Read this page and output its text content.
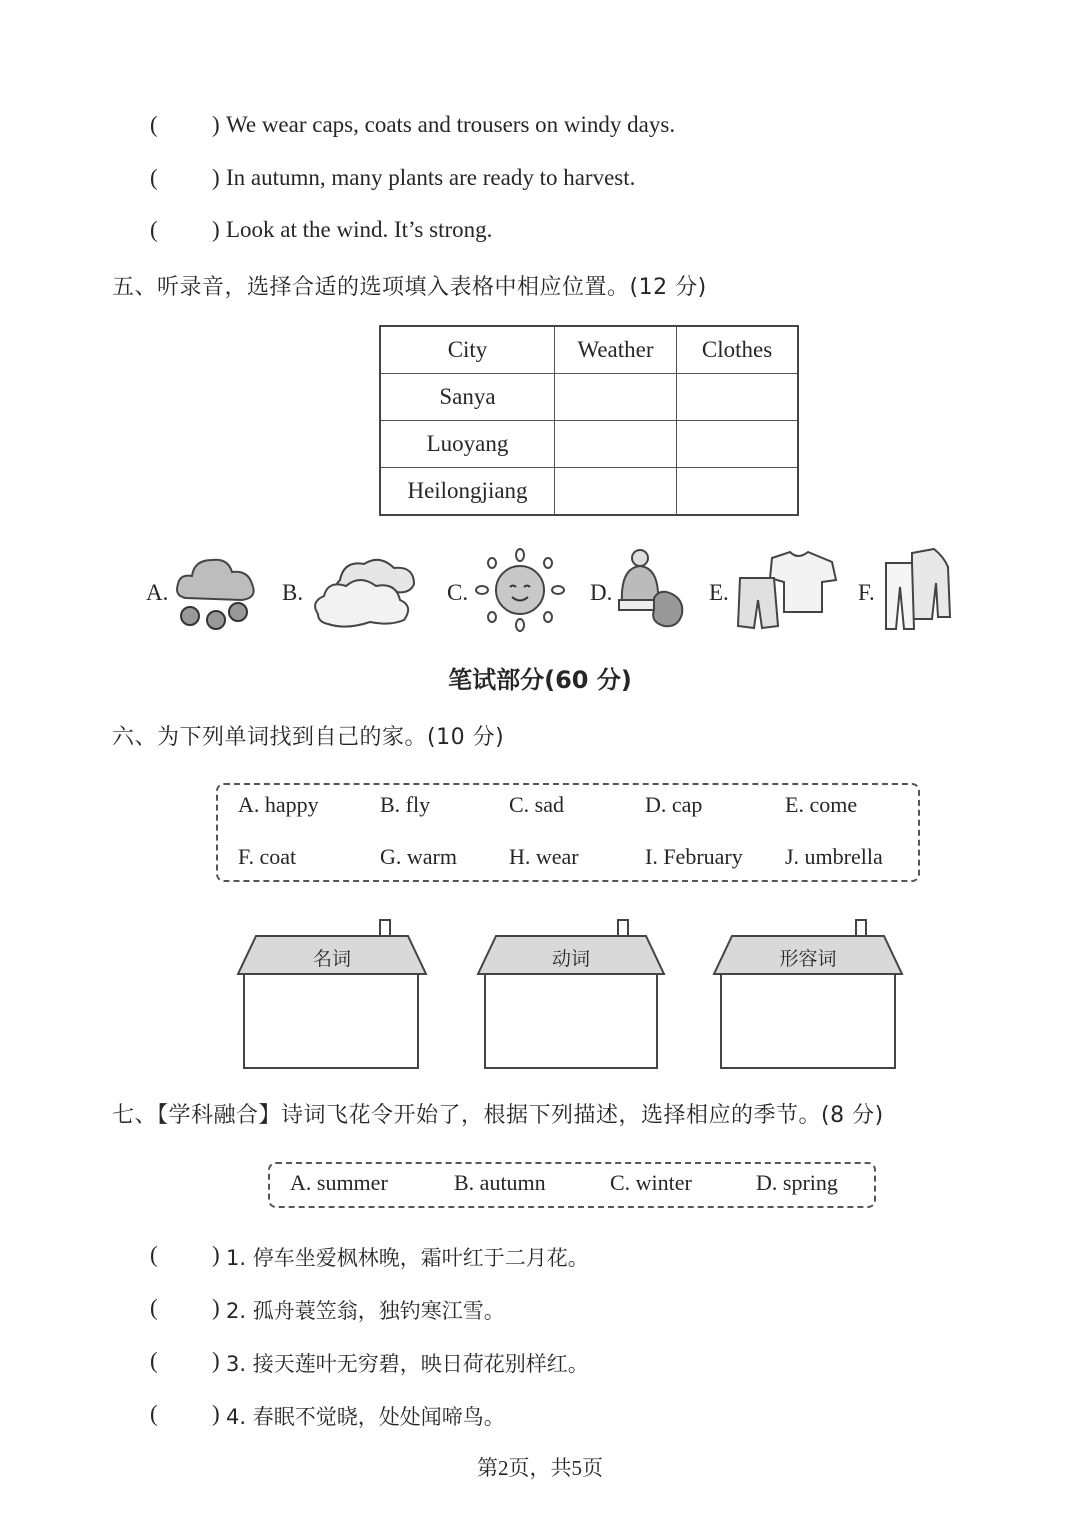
( ) We wear caps, coats and trousers on windy days.
( ) In autumn, many plants are ready to harvest.
( ) Look at the wind. It’s strong.
五、听录音，选择合适的选项填入表格中相应位置。(12 分)
City	Weather	Clothes
Sanya		
Luoyang		
Heilongjiang		
A.	B.	C.	D.	E.	F.
笔试部分(60 分)
六、为下列单词找到自己的家。(10 分)
A. happy	B. fly	C. sad	D. cap	E. come
F. coat	G. warm H. wear	I. February J. umbrella
名词	动词	形容词
七、【学科融合】诗词飞花令开始了，根据下列描述，选择相应的季节。(8 分)
A. summer	B. autumn	C. winter	D. spring
( ) 1. 停车坐爱枫林晚，霜叶红于二月花。
( ) 2. 孤舟蓑笠翁，独钓寒江雪。
( ) 3. 接天莲叶无穷碧，映日荷花别样红。
( ) 4. 春眠不觉晓，处处闻啼鸟。
第2页，共5页
